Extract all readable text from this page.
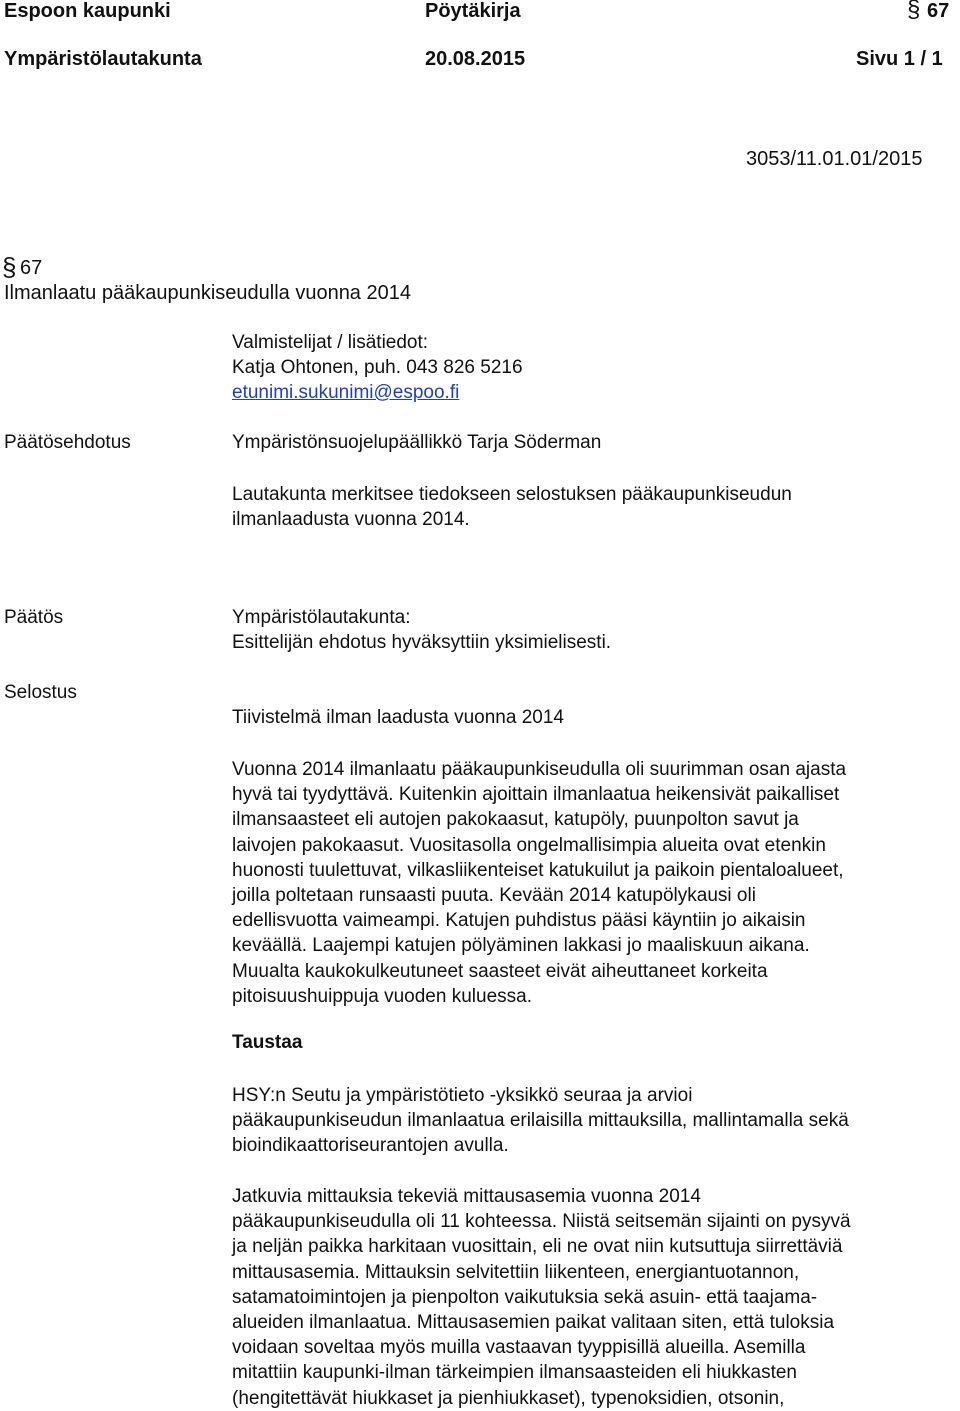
Espoon kaupunki	Pöytäkirja	§ 67
Ympäristölautakunta	20.08.2015	Sivu 1 / 1
3053/11.01.01/2015
§ 67
Ilmanlaatu pääkaupunkiseudulla vuonna 2014
Valmistelijat / lisätiedot:
Katja Ohtonen, puh. 043 826 5216
etunimi.sukunimi@espoo.fi
Päätösehdotus	Ympäristönsuojelupäällikkö Tarja Söderman
Lautakunta merkitsee tiedokseen selostuksen pääkaupunkiseudun
ilmanlaadusta vuonna 2014.
Päätös	Ympäristölautakunta:
Esittelijän ehdotus hyväksyttiin yksimielisesti.
Selostus
Tiivistelmä ilman laadusta vuonna 2014
Vuonna 2014 ilmanlaatu pääkaupunkiseudulla oli suurimman osan ajasta
hyvä tai tyydyttävä. Kuitenkin ajoittain ilmanlaatua heikensivät paikalliset
ilmansaasteet eli autojen pakokaasut, katupöly, puunpolton savut ja
laivojen pakokaasut. Vuositasolla ongelmallisimpia alueita ovat etenkin
huonosti tuulettuvat, vilkasliikenteiset katukuilut ja paikoin pientaloalueet,
joilla poltetaan runsaasti puuta. Kevään 2014 katupölykausi oli
edellisvuotta vaimeampi. Katujen puhdistus pääsi käyntiin jo aikaisin
keväällä. Laajempi katujen pölyäminen lakkasi jo maaliskuun aikana.
Muualta kaukokulkeutuneet saasteet eivät aiheuttaneet korkeita
pitoisuushuippuja vuoden kuluessa.
Taustaa
HSY:n Seutu ja ympäristötieto -yksikkö seuraa ja arvioi
pääkaupunkiseudun ilmanlaatua erilaisilla mittauksilla, mallintamalla sekä
bioindikaattoriseurantojen avulla.
Jatkuvia mittauksia tekeviä mittausasemia vuonna 2014
pääkaupunkiseudulla oli 11 kohteessa. Niistä seitsemän sijainti on pysyvä
ja neljän paikka harkitaan vuosittain, eli ne ovat niin kutsuttuja siirrettäviä
mittausasemia. Mittauksin selvitettiin liikenteen, energiantuotannon,
satamatoimintojen ja pienpolton vaikutuksia sekä asuin- että taajama-
alueiden ilmanlaatua. Mittausasemien paikat valitaan siten, että tuloksia
voidaan soveltaa myös muilla vastaavan tyyppisillä alueilla. Asemilla
mitattiin kaupunki-ilman tärkeimpien ilmansaasteiden eli hiukkasten
(hengitettävät hiukkaset ja pienhiukkaset), typenoksidien, otsonin,
